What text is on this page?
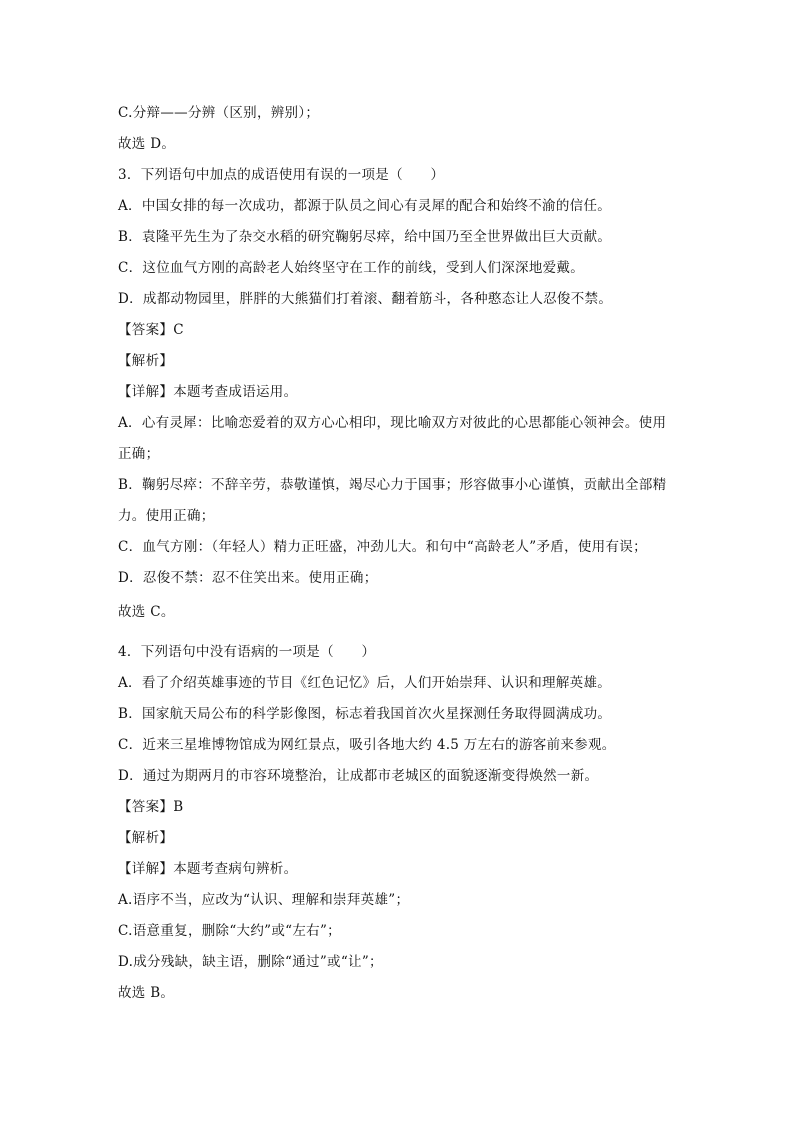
C.分辩——分辨（区别，辨别）；
故选 D。
3．下列语句中加点的成语使用有误的一项是（　　）
A．中国女排的每一次成功，都源于队员之间心有灵犀的配合和始终不渝的信任。
B．袁隆平先生为了杂交水稻的研究鞠躬尽瘁，给中国乃至全世界做出巨大贡献。
C．这位血气方刚的高龄老人始终坚守在工作的前线，受到人们深深地爱戴。
D．成都动物园里，胖胖的大熊猫们打着滚、翻着筋斗，各种憨态让人忍俊不禁。
【答案】C
【解析】
【详解】本题考查成语运用。
A．心有灵犀：比喻恋爱着的双方心心相印，现比喻双方对彼此的心思都能心领神会。使用
正确；
B．鞠躬尽瘁：不辞辛劳，恭敬谨慎，竭尽心力于国事；形容做事小心谨慎，贡献出全部精
力。使用正确；
C．血气方刚：（年轻人）精力正旺盛，冲劲儿大。和句中“高龄老人”矛盾，使用有误；
D．忍俊不禁：忍不住笑出来。使用正确；
故选 C。
4．下列语句中没有语病的一项是（　　）
A．看了介绍英雄事迹的节目《红色记忆》后，人们开始崇拜、认识和理解英雄。
B．国家航天局公布的科学影像图，标志着我国首次火星探测任务取得圆满成功。
C．近来三星堆博物馆成为网红景点，吸引各地大约 4.5 万左右的游客前来参观。
D．通过为期两月的市容环境整治，让成都市老城区的面貌逐渐变得焕然一新。
【答案】B
【解析】
【详解】本题考查病句辨析。
A.语序不当，应改为“认识、理解和崇拜英雄”；
C.语意重复，删除“大约”或“左右”；
D.成分残缺，缺主语，删除“通过”或“让”；
故选 B。
